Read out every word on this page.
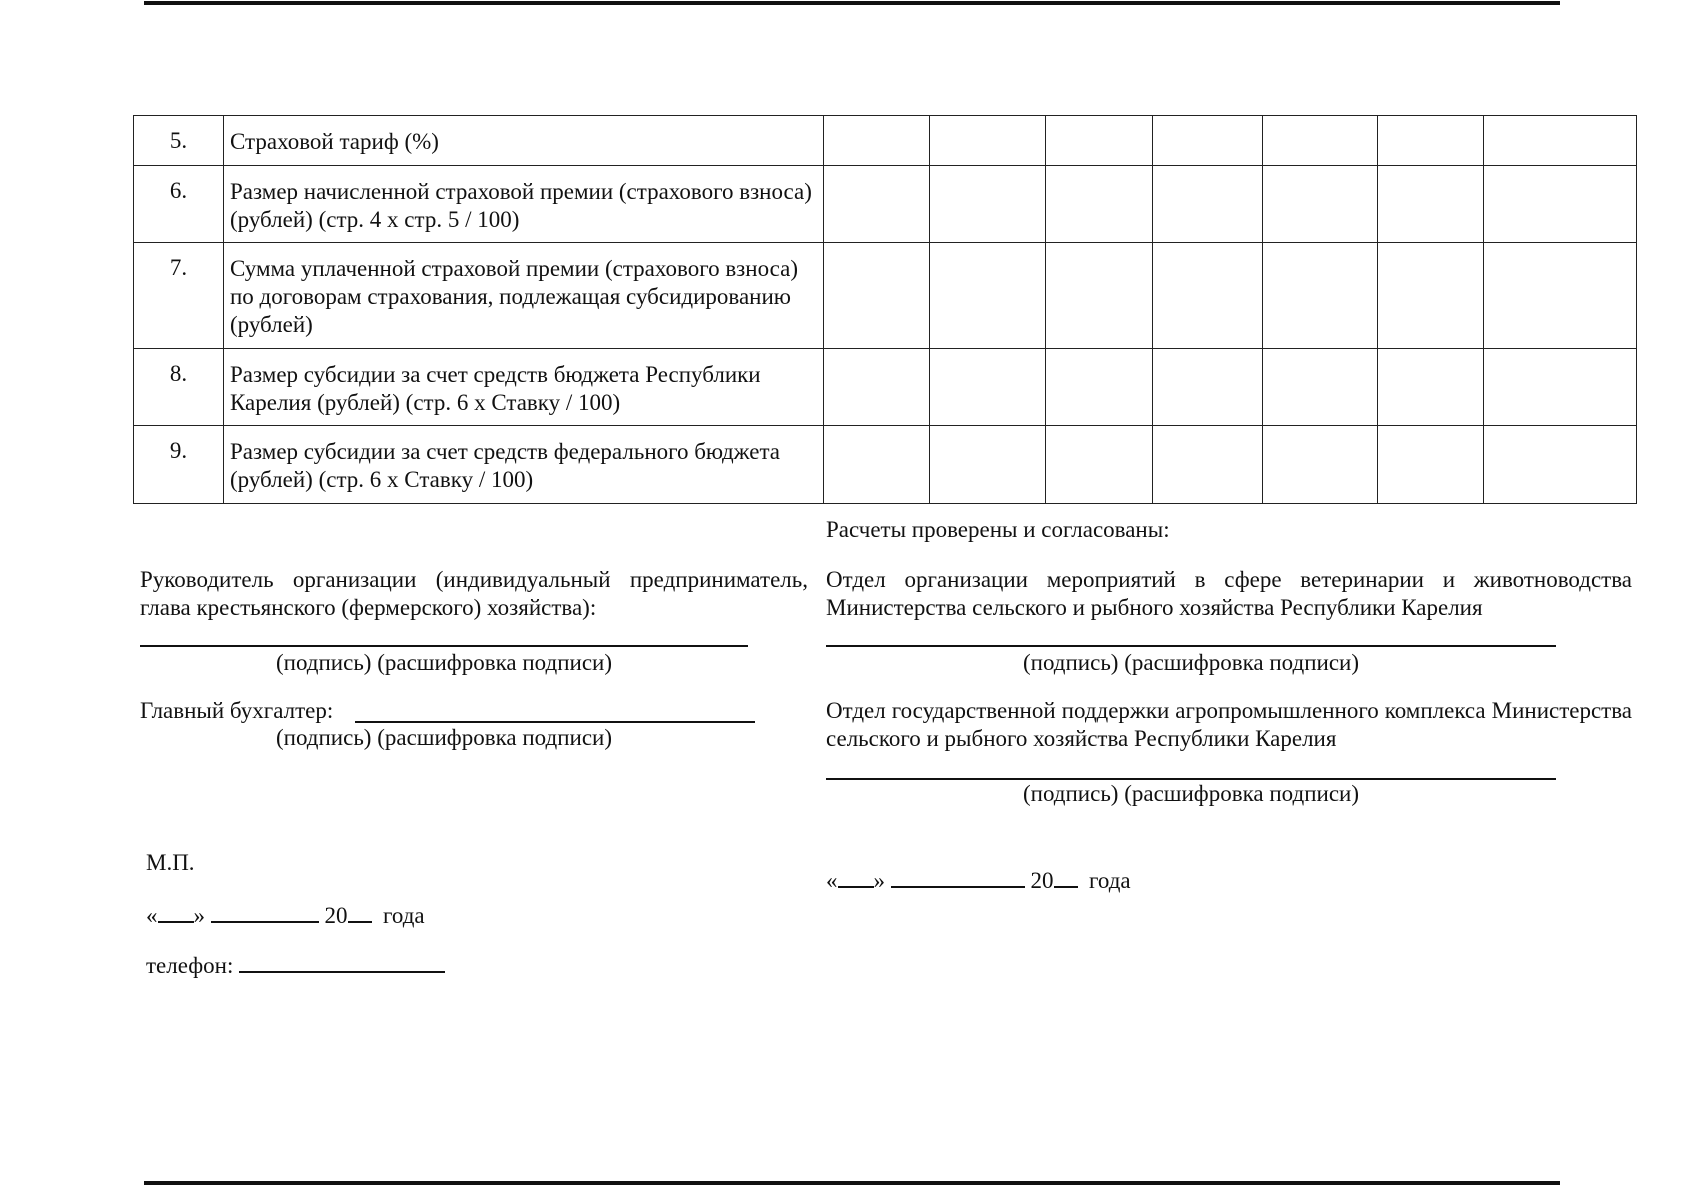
5.	Страховой тариф (%)							
6.	Размер начисленной страховой премии (страхового взноса) (рублей) (стр. 4 x стр. 5 / 100)							
7.	Сумма уплаченной страховой премии (страхового взноса) по договорам страхования, подлежащая субсидированию (рублей)							
8.	Размер субсидии за счет средств бюджета Республики Карелия (рублей) (стр. 6 x Ставку / 100)							
9.	Размер субсидии за счет средств федерального бюджета (рублей) (стр. 6 x Ставку / 100)							
Руководитель организации (индивидуальный предприниматель, глава крестьянского (фермерского) хозяйства):
(подпись) (расшифровка подписи)
Главный бухгалтер:
(подпись) (расшифровка подписи)
М.П.
« »	20 года
телефон:
Расчеты проверены и согласованы:
Отдел организации мероприятий в сфере ветеринарии и животноводства Министерства сельского и рыбного хозяйства Республики Карелия
(подпись) (расшифровка подписи)
Отдел государственной поддержки агропромышленного комплекса Министерства сельского и рыбного хозяйства Республики Карелия
(подпись) (расшифровка подписи)
« »	20 года
